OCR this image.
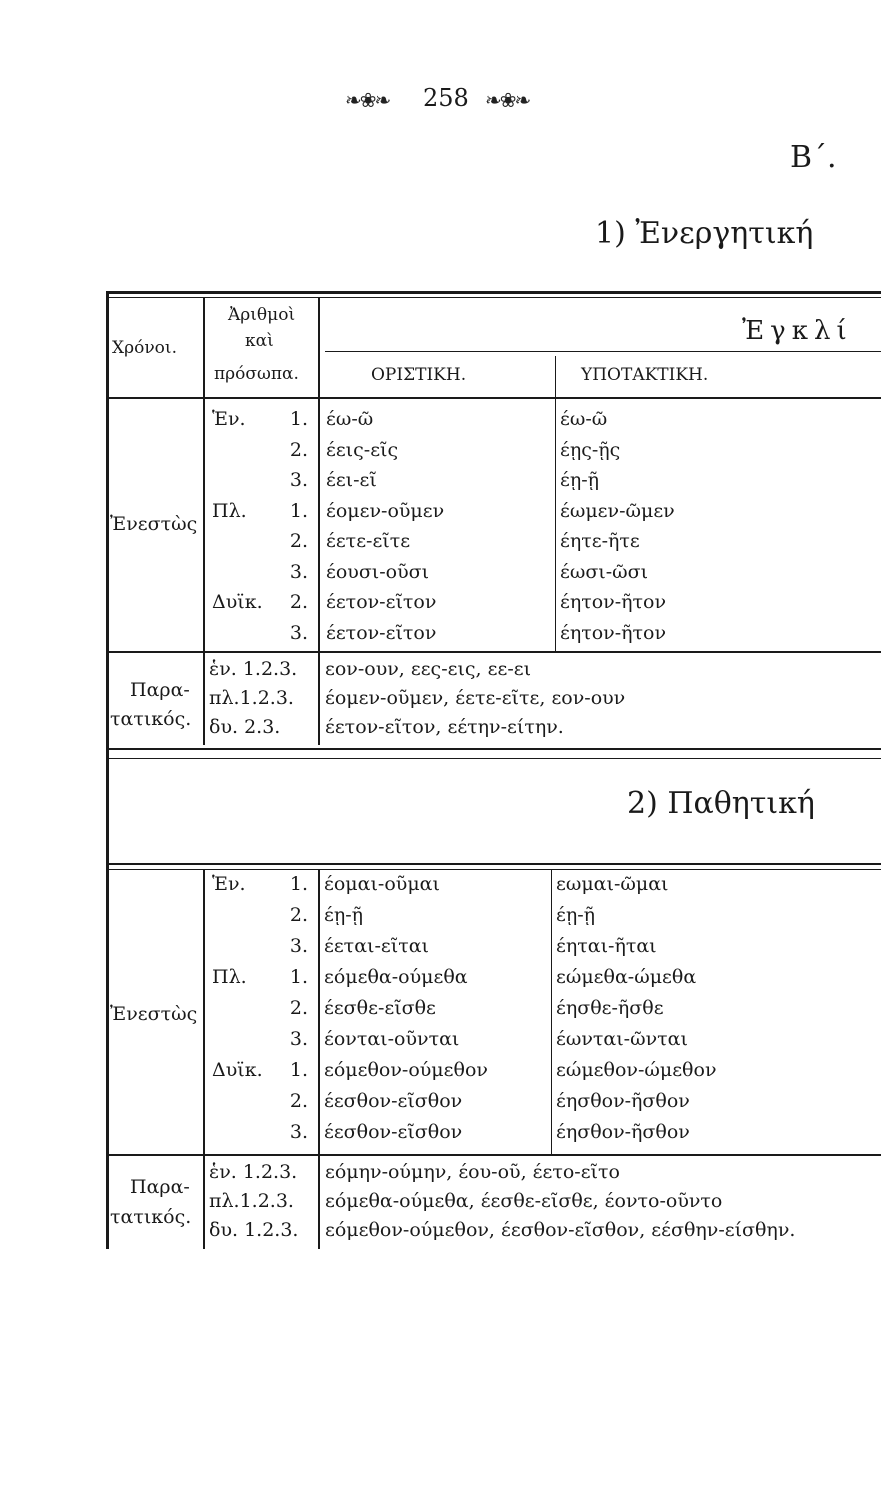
❧❀❧ 258 ❧❀❧
Β΄.
1) Ἐνεργητική
Χρόνοι.
Ἀριθμοὶ
καὶ
πρόσωπα.
Ἐγκλί
ΟΡΙΣΤΙΚΗ.	ΥΠΟΤΑΚΤΙΚΗ.
Ἐνεστὼς
Ἑν.	1. έω-ῶ	έω-ῶ
2. έεις-εῖς	έῃς-ῇς
3. έει-εῖ	έῃ-ῇ
Πλ.	1. έομεν-οῦμεν	έωμεν-ῶμεν
2. έετε-εῖτε	έητε-ῆτε
3. έουσι-οῦσι	έωσι-ῶσι
Δυϊκ.	2. έετον-εῖτον	έητον-ῆτον
3. έετον-εῖτον	έητον-ῆτον
Παρα-
τατικός.
ἑν. 1.2.3. εον-ουν, εες-εις, εε-ει
πλ.1.2.3. έομεν-οῦμεν, έετε-εῖτε, εον-ουν
δυ. 2.3. έετον-εῖτον, εέτην-είτην.
2) Παθητική
Ἐνεστὼς
Ἑν.	1. έομαι-οῦμαι	εωμαι-ῶμαι
2. έῃ-ῇ	έῃ-ῇ
3. έεται-εῖται	έηται-ῆται
Πλ.	1. εόμεθα-ούμεθα	εώμεθα-ώμεθα
2. έεσθε-εῖσθε	έησθε-ῆσθε
3. έονται-οῦνται	έωνται-ῶνται
Δυϊκ.	1. εόμεθον-ούμεθον	εώμεθον-ώμεθον
2. έεσθον-εῖσθον	έησθον-ῆσθον
3. έεσθον-εῖσθον	έησθον-ῆσθον
Παρα-
τατικός.
ἑν. 1.2.3. εόμην-ούμην, έου-οῦ, έετο-εῖτο
πλ.1.2.3. εόμεθα-ούμεθα, έεσθε-εῖσθε, έοντο-οῦντο
δυ. 1.2.3. εόμεθον-ούμεθον, έεσθον-εῖσθον, εέσθην-είσθην.
